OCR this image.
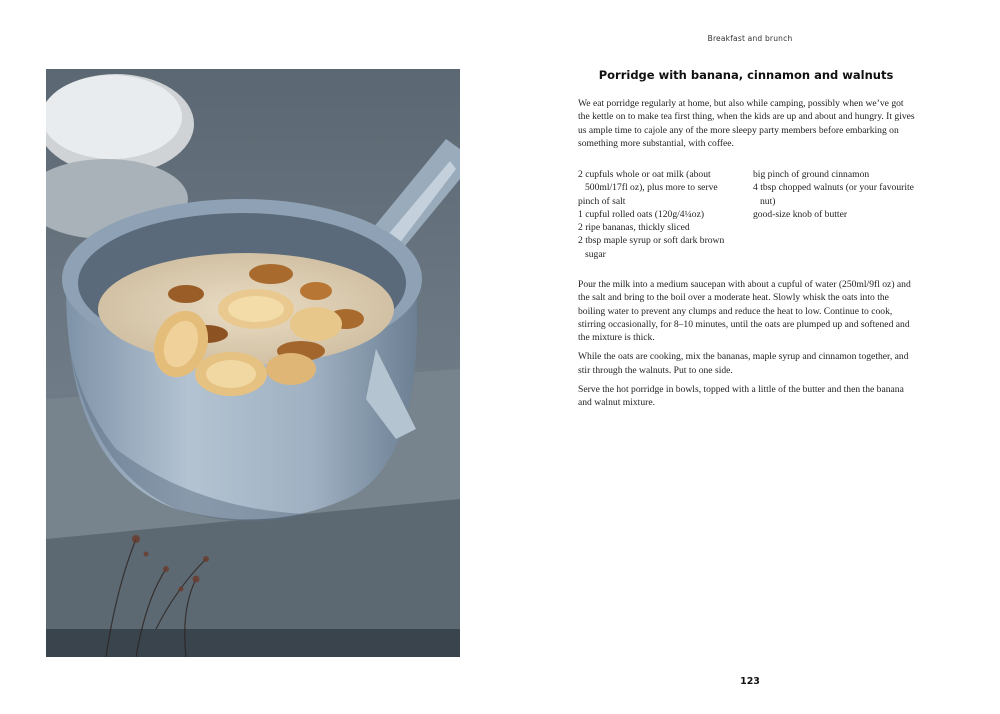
Breakfast and brunch
Porridge with banana, cinnamon and walnuts

We eat porridge regularly at home, but also while camping, possibly when we’ve got the kettle on to make tea first thing, when the kids are up and about and hungry. It gives us ample time to cajole any of the more sleepy party members before embarking on something more substantial, with coffee.

2 cupfuls whole or oat milk (about 500ml/17fl oz), plus more to serve
pinch of salt
1 cupful rolled oats (120g/4¼oz)
2 ripe bananas, thickly sliced
2 tbsp maple syrup or soft dark brown sugar
big pinch of ground cinnamon
4 tbsp chopped walnuts (or your favourite nut)
good-size knob of butter

Pour the milk into a medium saucepan with about a cupful of water (250ml/9fl oz) and the salt and bring to the boil over a moderate heat. Slowly whisk the oats into the boiling water to prevent any clumps and reduce the heat to low. Continue to cook, stirring occasionally, for 8–10 minutes, until the oats are plumped up and softened and the mixture is thick.

While the oats are cooking, mix the bananas, maple syrup and cinnamon together, and stir through the walnuts. Put to one side.

Serve the hot porridge in bowls, topped with a little of the butter and then the banana and walnut mixture.

123
